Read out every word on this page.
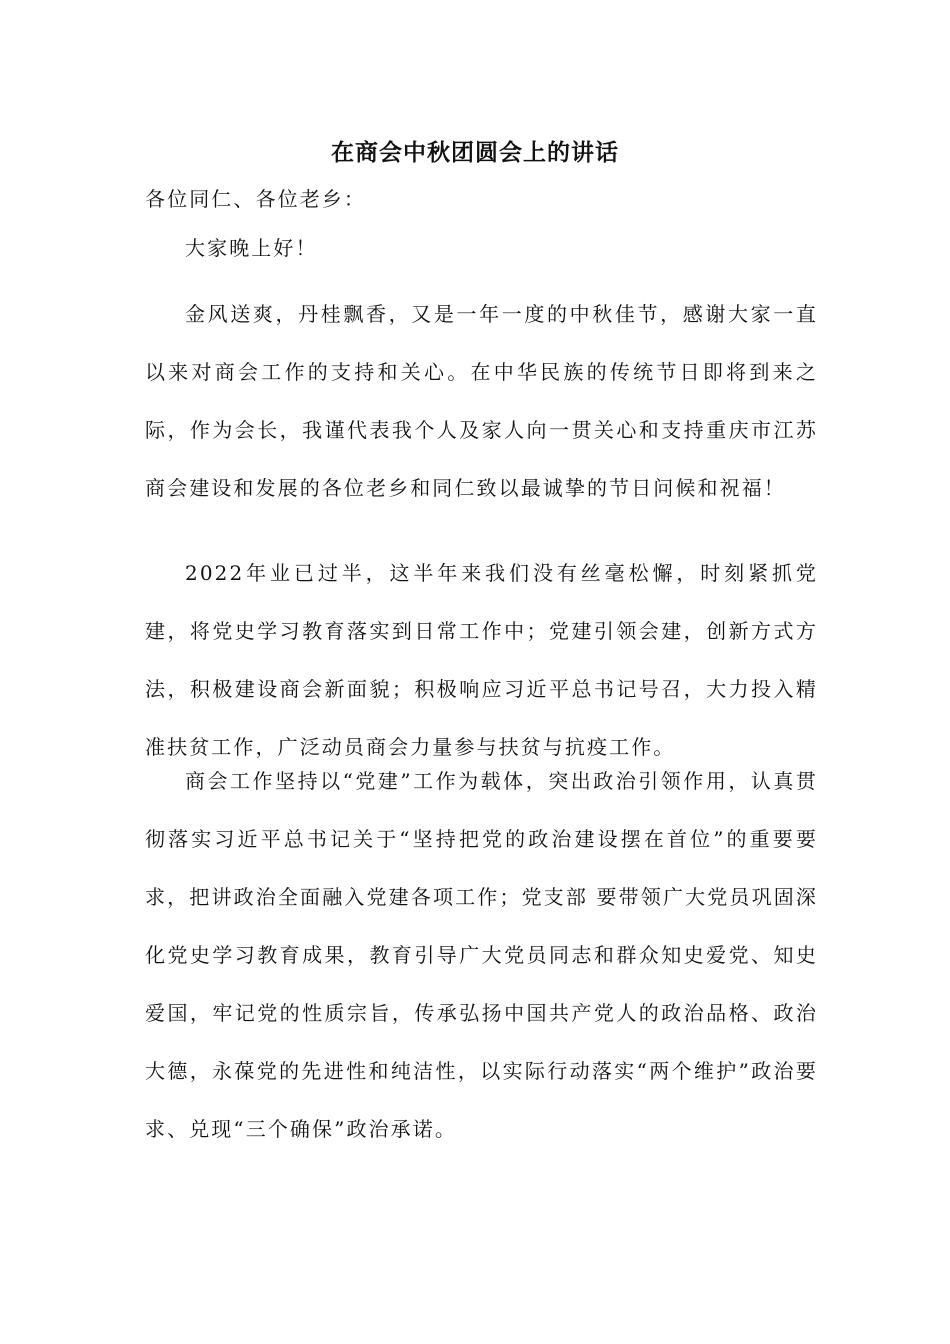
在商会中秋团圆会上的讲话

各位同仁、各位老乡：

大家晚上好！

金风送爽，丹桂飘香，又是一年一度的中秋佳节，感谢大家一直以来对商会工作的支持和关心。在中华民族的传统节日即将到来之际，作为会长，我谨代表我个人及家人向一贯关心和支持重庆市江苏商会建设和发展的各位老乡和同仁致以最诚挚的节日问候和祝福！

2022年业已过半，这半年来我们没有丝毫松懈，时刻紧抓党建，将党史学习教育落实到日常工作中；党建引领会建，创新方式方法，积极建设商会新面貌；积极响应习近平总书记号召，大力投入精准扶贫工作，广泛动员商会力量参与扶贫与抗疫工作。

商会工作坚持以“党建”工作为载体，突出政治引领作用，认真贯彻落实习近平总书记关于“坚持把党的政治建设摆在首位”的重要要求，把讲政治全面融入党建各项工作；党支部 要带领广大党员巩固深化党史学习教育成果，教育引导广大党员同志和群众知史爱党、知史爱国，牢记党的性质宗旨，传承弘扬中国共产党人的政治品格、政治大德，永葆党的先进性和纯洁性，以实际行动落实“两个维护”政治要求、兑现“三个确保”政治承诺。
